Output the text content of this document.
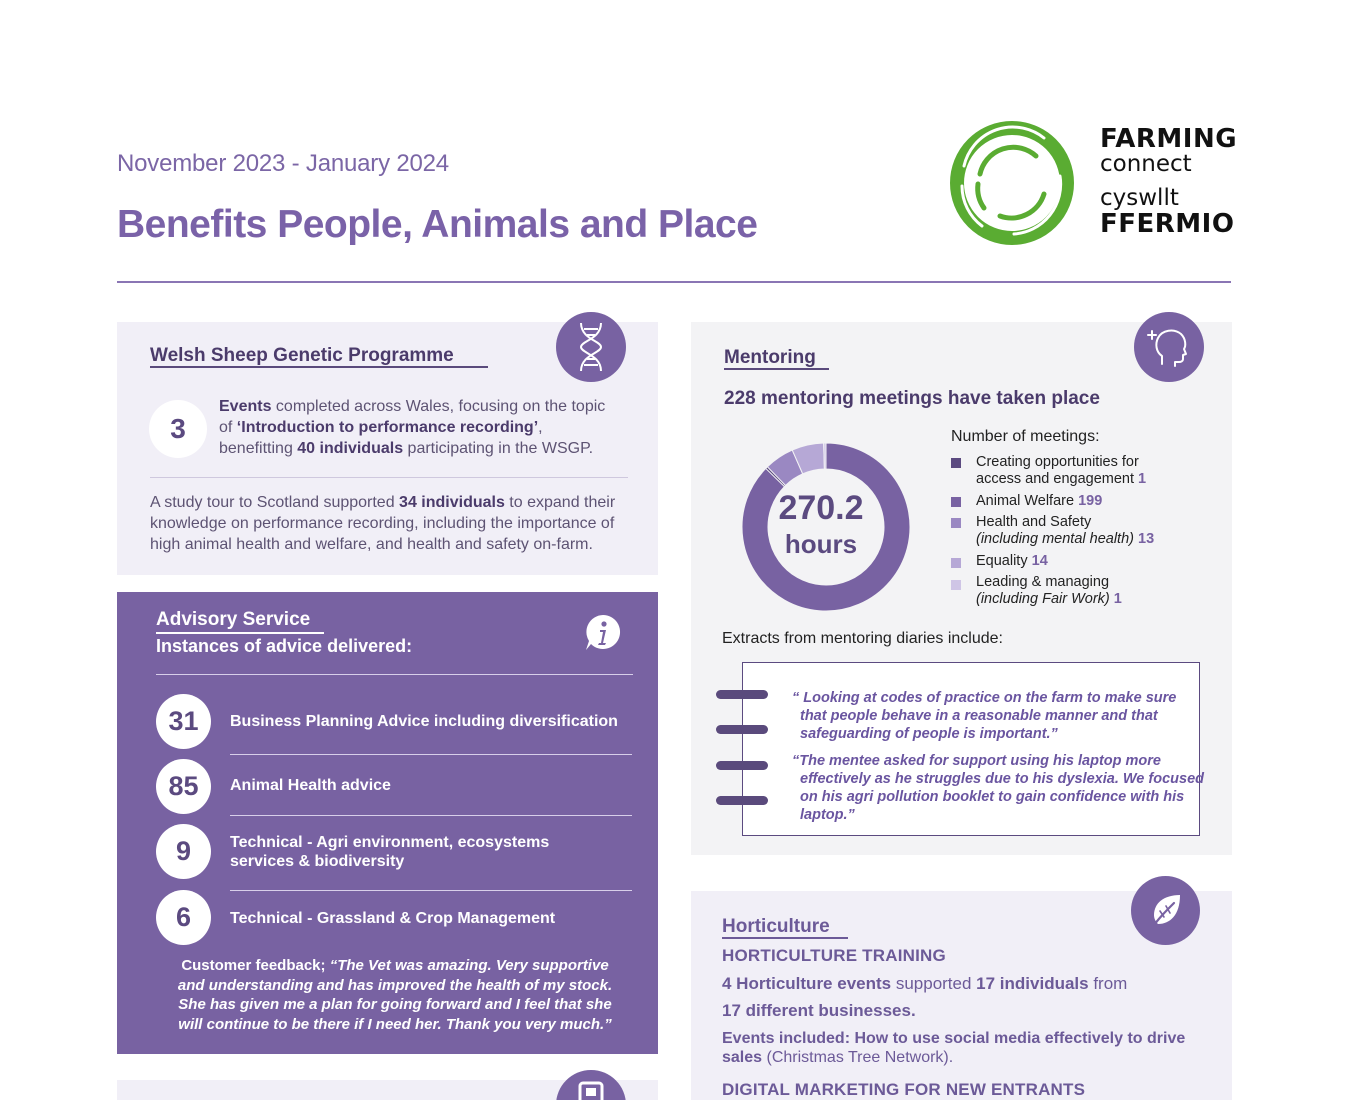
November 2023 - January 2024
Benefits People, Animals and Place
FARMING
connect
cyswllt
FFERMIO
Welsh Sheep Genetic Programme
3
Events completed across Wales, focusing on the topic of ‘Introduction to performance recording’, benefitting 40 individuals participating in the WSGP.
A study tour to Scotland supported 34 individuals to expand their knowledge on performance recording, including the importance of high animal health and welfare, and health and safety on-farm.
Advisory Service
Instances of advice delivered:
31	Business Planning Advice including diversification
85	Animal Health advice
9	Technical - Agri environment, ecosystems services & biodiversity
6	Technical - Grassland & Crop Management
Customer feedback; “The Vet was amazing. Very supportive and understanding and has improved the health of my stock. She has given me a plan for going forward and I feel that she will continue to be there if I need her. Thank you very much.”
Mentoring
228 mentoring meetings have taken place
270.2
hours
Number of meetings:
Creating opportunities for access and engagement 1
Animal Welfare 199
Health and Safety
(including mental health) 13
Equality 14
Leading & managing
(including Fair Work) 1
Extracts from mentoring diaries include:
“ Looking at codes of practice on the farm to make sure that people behave in a reasonable manner and that safeguarding of people is important.”
“The mentee asked for support using his laptop more effectively as he struggles due to his dyslexia. We focused on his agri pollution booklet to gain confidence with his laptop.”
Horticulture
HORTICULTURE TRAINING
4 Horticulture events supported 17 individuals from
17 different businesses.
Events included: How to use social media effectively to drive sales (Christmas Tree Network).
DIGITAL MARKETING FOR NEW ENTRANTS
